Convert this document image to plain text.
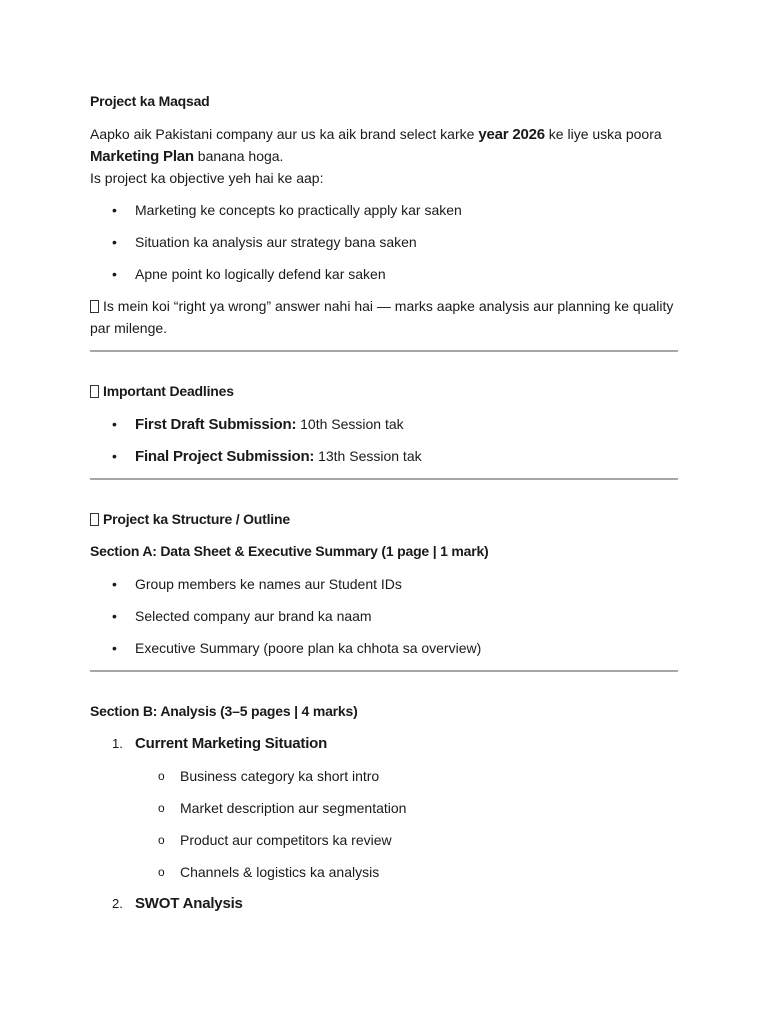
Project ka Maqsad
Aapko aik Pakistani company aur us ka aik brand select karke year 2026 ke liye uska poora
Marketing Plan banana hoga.
Is project ka objective yeh hai ke aap:
• Marketing ke concepts ko practically apply kar saken
• Situation ka analysis aur strategy bana saken
• Apne point ko logically defend kar saken
Is mein koi “right ya wrong” answer nahi hai — marks aapke analysis aur planning ke quality
par milenge.
Important Deadlines
• First Draft Submission: 10th Session tak
• Final Project Submission: 13th Session tak
Project ka Structure / Outline
Section A: Data Sheet & Executive Summary (1 page | 1 mark)
• Group members ke names aur Student IDs
• Selected company aur brand ka naam
• Executive Summary (poore plan ka chhota sa overview)
Section B: Analysis (3–5 pages | 4 marks)
1. Current Marketing Situation
o Business category ka short intro
o Market description aur segmentation
o Product aur competitors ka review
o Channels & logistics ka analysis
2. SWOT Analysis
